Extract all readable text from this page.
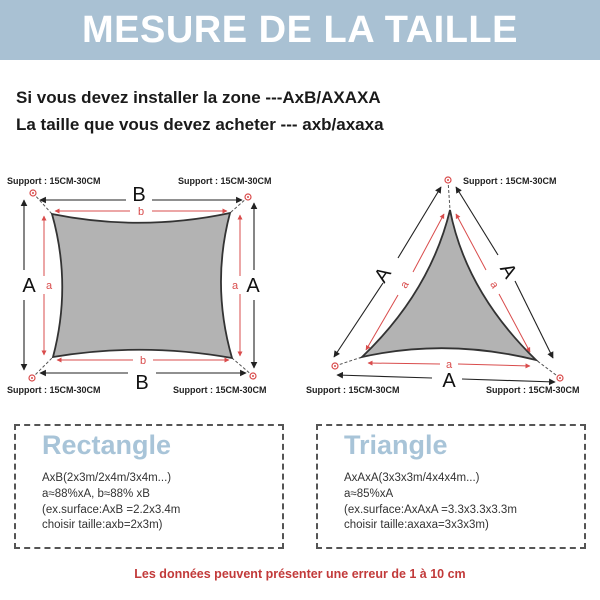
MESURE DE LA TAILLE
Si vous devez installer la zone ---AxB/AXAXA
La taille que vous devez acheter --- axb/axaxa
B
B
A	A
b
b
a	a
Support : 15CM-30CM	Support : 15CM-30CM
Support : 15CM-30CM	Support : 15CM-30CM
A	A
A
a	a
a
Support : 15CM-30CM
Support : 15CM-30CM	Support : 15CM-30CM
Rectangle
AxB(2x3m/2x4m/3x4m...)
a≈88%xA, b≈88% xB
(ex.surface:AxB =2.2x3.4m
choisir taille:axb=2x3m)
Triangle
AxAxA(3x3x3m/4x4x4m...)
a≈85%xA
(ex.surface:AxAxA =3.3x3.3x3.3m
choisir taille:axaxa=3x3x3m)
Les données peuvent présenter une erreur de 1 à 10 cm
